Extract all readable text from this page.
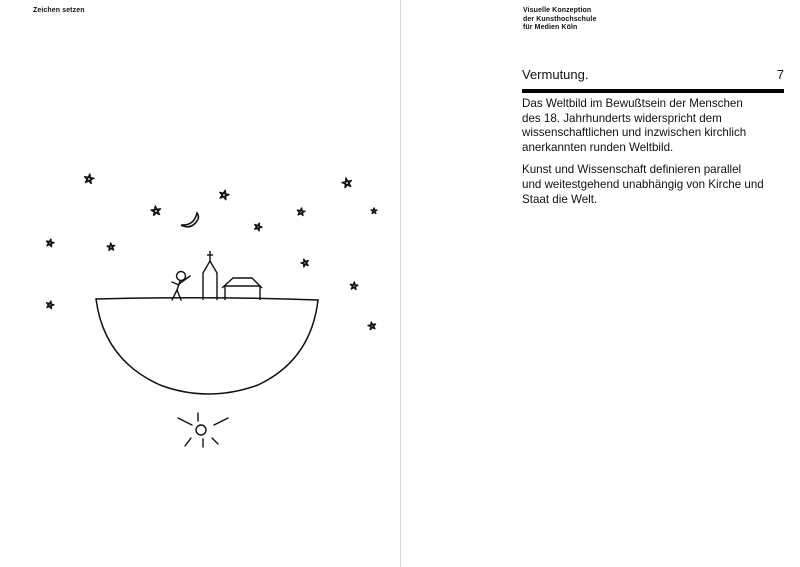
Zeichen setzen	Visuelle Konzeption
der Kunsthochschule
für Medien Köln
Vermutung.	7

Das Weltbild im Bewußtsein der Menschen
des 18. Jahrhunderts widerspricht dem
wissenschaftlichen und inzwischen kirchlich
anerkannten runden Weltbild.

Kunst und Wissenschaft definieren parallel
und weitestgehend unabhängig von Kirche und
Staat die Welt.
